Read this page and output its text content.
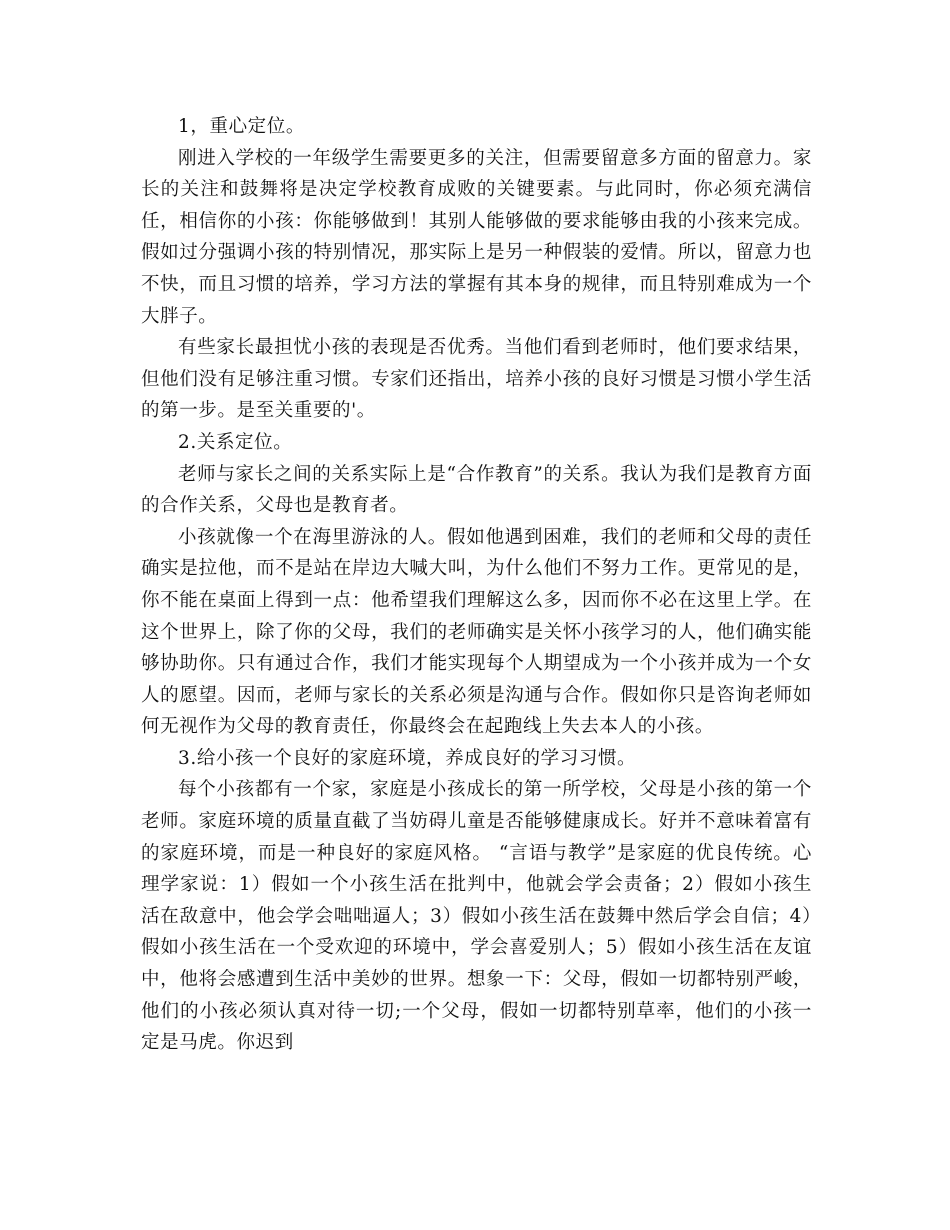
1，重心定位。

刚进入学校的一年级学生需要更多的关注，但需要留意多方面的留意力。家长的关注和鼓舞将是决定学校教育成败的关键要素。与此同时，你必须充满信任，相信你的小孩：你能够做到！其别人能够做的要求能够由我的小孩来完成。假如过分强调小孩的特别情况，那实际上是另一种假装的爱情。所以，留意力也不快，而且习惯的培养，学习方法的掌握有其本身的规律，而且特别难成为一个大胖子。

有些家长最担忧小孩的表现是否优秀。当他们看到老师时，他们要求结果，但他们没有足够注重习惯。专家们还指出，培养小孩的良好习惯是习惯小学生活的第一步。是至关重要的'。

2.关系定位。

老师与家长之间的关系实际上是“合作教育”的关系。我认为我们是教育方面的合作关系，父母也是教育者。

小孩就像一个在海里游泳的人。假如他遇到困难，我们的老师和父母的责任确实是拉他，而不是站在岸边大喊大叫，为什么他们不努力工作。更常见的是，你不能在桌面上得到一点：他希望我们理解这么多，因而你不必在这里上学。在这个世界上，除了你的父母，我们的老师确实是关怀小孩学习的人，他们确实能够协助你。只有通过合作，我们才能实现每个人期望成为一个小孩并成为一个女人的愿望。因而，老师与家长的关系必须是沟通与合作。假如你只是咨询老师如何无视作为父母的教育责任，你最终会在起跑线上失去本人的小孩。

3.给小孩一个良好的家庭环境，养成良好的学习习惯。

每个小孩都有一个家，家庭是小孩成长的第一所学校，父母是小孩的第一个老师。家庭环境的质量直截了当妨碍儿童是否能够健康成长。好并不意味着富有的家庭环境，而是一种良好的家庭风格。 “言语与教学”是家庭的优良传统。心理学家说：1）假如一个小孩生活在批判中，他就会学会责备；2）假如小孩生活在敌意中，他会学会咄咄逼人；3）假如小孩生活在鼓舞中然后学会自信；4）假如小孩生活在一个受欢迎的环境中，学会喜爱别人；5）假如小孩生活在友谊中，他将会感遭到生活中美妙的世界。想象一下：父母，假如一切都特别严峻，他们的小孩必须认真对待一切;一个父母，假如一切都特别草率，他们的小孩一定是马虎。你迟到
